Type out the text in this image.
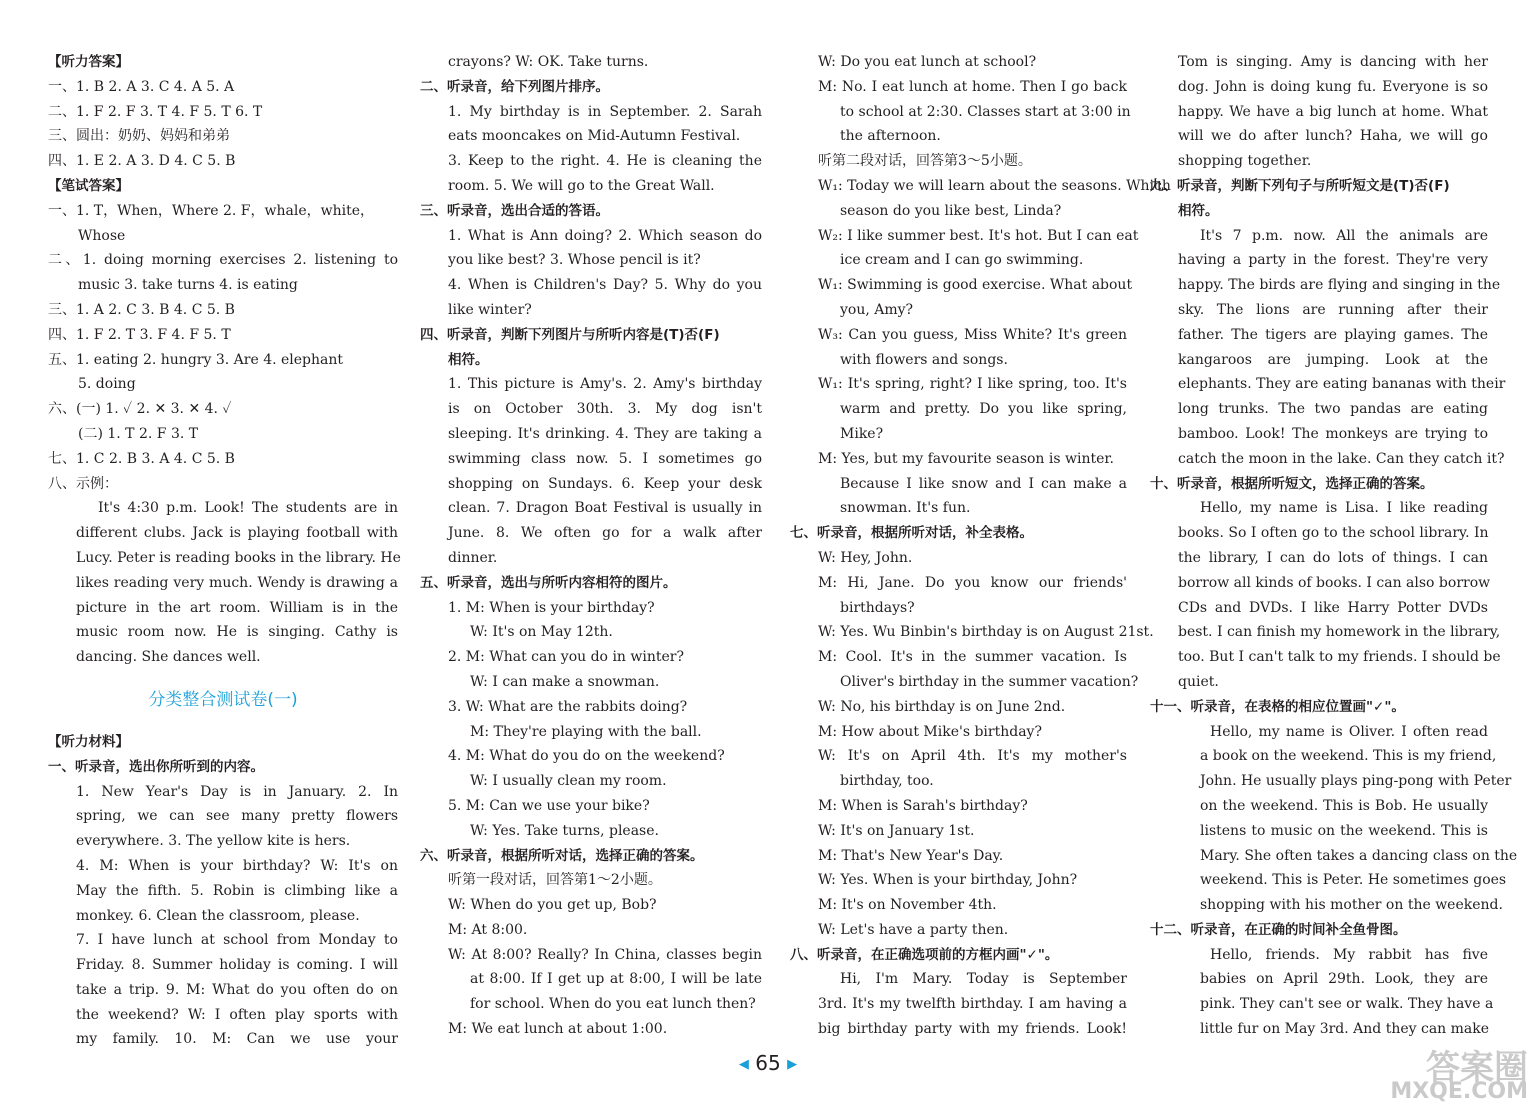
【听力答案】
一、1. B 2. A 3. C 4. A 5. A
二、1. F 2. F 3. T 4. F 5. T 6. T
三、圆出：奶奶、妈妈和弟弟
四、1. E 2. A 3. D 4. C 5. B
【笔试答案】
一、1. T，When，Where 2. F，whale，white，
Whose
二、1. doing morning exercises 2. listening to
music 3. take turns 4. is eating
三、1. A 2. C 3. B 4. C 5. B
四、1. F 2. T 3. F 4. F 5. T
五、1. eating 2. hungry 3. Are 4. elephant
5. doing
六、(一) 1. ✓ 2. ✕ 3. ✕ 4. ✓
(二) 1. T 2. F 3. T
七、1. C 2. B 3. A 4. C 5. B
八、示例：
It's 4:30 p.m. Look! The students are in
different clubs. Jack is playing football with
Lucy. Peter is reading books in the library. He
likes reading very much. Wendy is drawing a
picture in the art room. William is in the
music room now. He is singing. Cathy is
dancing. She dances well.
分类整合测试卷(一)
【听力材料】
一、听录音，选出你所听到的内容。
1. New Year's Day is in January. 2. In
spring, we can see many pretty flowers
everywhere. 3. The yellow kite is hers.
4. M: When is your birthday? W: It's on
May the fifth. 5. Robin is climbing like a
monkey. 6. Clean the classroom, please.
7. I have lunch at school from Monday to
Friday. 8. Summer holiday is coming. I will
take a trip. 9. M: What do you often do on
the weekend? W: I often play sports with
my family. 10. M: Can we use your
crayons? W: OK. Take turns.
二、听录音，给下列图片排序。
1. My birthday is in September. 2. Sarah
eats mooncakes on Mid-Autumn Festival.
3. Keep to the right. 4. He is cleaning the
room. 5. We will go to the Great Wall.
三、听录音，选出合适的答语。
1. What is Ann doing? 2. Which season do
you like best? 3. Whose pencil is it?
4. When is Children's Day? 5. Why do you
like winter?
四、听录音，判断下列图片与所听内容是(T)否(F)
相符。
1. This picture is Amy's. 2. Amy's birthday
is on October 30th. 3. My dog isn't
sleeping. It's drinking. 4. They are taking a
swimming class now. 5. I sometimes go
shopping on Sundays. 6. Keep your desk
clean. 7. Dragon Boat Festival is usually in
June. 8. We often go for a walk after
dinner.
五、听录音，选出与所听内容相符的图片。
1. M: When is your birthday?
W: It's on May 12th.
2. M: What can you do in winter?
W: I can make a snowman.
3. W: What are the rabbits doing?
M: They're playing with the ball.
4. M: What do you do on the weekend?
W: I usually clean my room.
5. M: Can we use your bike?
W: Yes. Take turns, please.
六、听录音，根据所听对话，选择正确的答案。
听第一段对话，回答第1～2小题。
W: When do you get up, Bob?
M: At 8:00.
W: At 8:00? Really? In China, classes begin
at 8:00. If I get up at 8:00, I will be late
for school. When do you eat lunch then?
M: We eat lunch at about 1:00.
W: Do you eat lunch at school?
M: No. I eat lunch at home. Then I go back
to school at 2:30. Classes start at 3:00 in
the afternoon.
听第二段对话，回答第3～5小题。
W₁: Today we will learn about the seasons. Which
season do you like best, Linda?
W₂: I like summer best. It's hot. But I can eat
ice cream and I can go swimming.
W₁: Swimming is good exercise. What about
you, Amy?
W₃: Can you guess, Miss White? It's green
with flowers and songs.
W₁: It's spring, right? I like spring, too. It's
warm and pretty. Do you like spring,
Mike?
M: Yes, but my favourite season is winter.
Because I like snow and I can make a
snowman. It's fun.
七、听录音，根据所听对话，补全表格。
W: Hey, John.
M: Hi, Jane. Do you know our friends'
birthdays?
W: Yes. Wu Binbin's birthday is on August 21st.
M: Cool. It's in the summer vacation. Is
Oliver's birthday in the summer vacation?
W: No, his birthday is on June 2nd.
M: How about Mike's birthday?
W: It's on April 4th. It's my mother's
birthday, too.
M: When is Sarah's birthday?
W: It's on January 1st.
M: That's New Year's Day.
W: Yes. When is your birthday, John?
M: It's on November 4th.
W: Let's have a party then.
八、听录音，在正确选项前的方框内画"✓"。
Hi, I'm Mary. Today is September
3rd. It's my twelfth birthday. I am having a
big birthday party with my friends. Look!
Tom is singing. Amy is dancing with her
dog. John is doing kung fu. Everyone is so
happy. We have a big lunch at home. What
will we do after lunch? Haha, we will go
shopping together.
九、听录音，判断下列句子与所听短文是(T)否(F)
相符。
It's 7 p.m. now. All the animals are
having a party in the forest. They're very
happy. The birds are flying and singing in the
sky. The lions are running after their
father. The tigers are playing games. The
kangaroos are jumping. Look at the
elephants. They are eating bananas with their
long trunks. The two pandas are eating
bamboo. Look! The monkeys are trying to
catch the moon in the lake. Can they catch it?
十、听录音，根据所听短文，选择正确的答案。
Hello, my name is Lisa. I like reading
books. So I often go to the school library. In
the library, I can do lots of things. I can
borrow all kinds of books. I can also borrow
CDs and DVDs. I like Harry Potter DVDs
best. I can finish my homework in the library,
too. But I can't talk to my friends. I should be
quiet.
十一、听录音，在表格的相应位置画"✓"。
Hello, my name is Oliver. I often read
a book on the weekend. This is my friend,
John. He usually plays ping-pong with Peter
on the weekend. This is Bob. He usually
listens to music on the weekend. This is
Mary. She often takes a dancing class on the
weekend. This is Peter. He sometimes goes
shopping with his mother on the weekend.
十二、听录音，在正确的时间补全鱼骨图。
Hello, friends. My rabbit has five
babies on April 29th. Look, they are
pink. They can't see or walk. They have a
little fur on May 3rd. And they can make
◀ 65 ▶	答案圈
MXQE.COM
